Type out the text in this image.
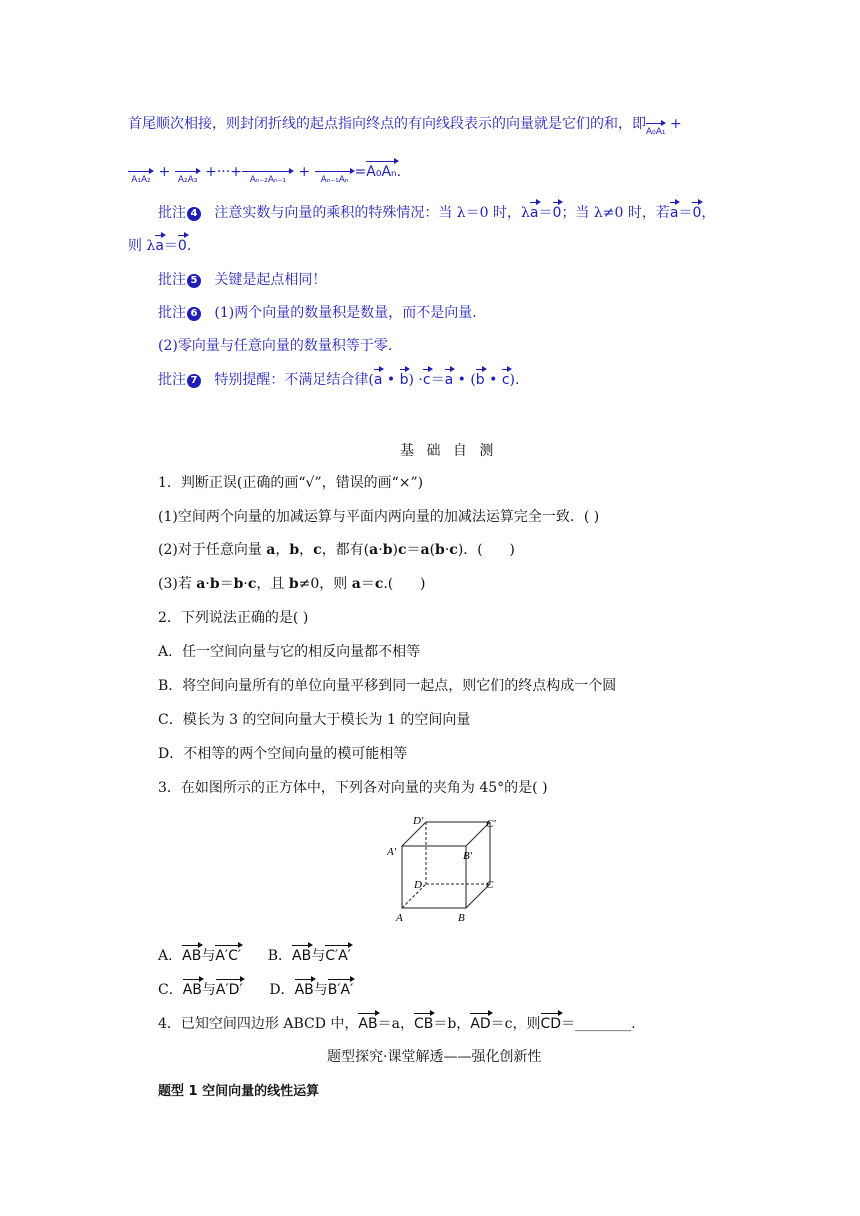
首尾顺次相接，则封闭折线的起点指向终点的有向线段表示的向量就是它们的和，即 A₀A₁ +
A₁A₂ + A₂A₃ +···+ Aₙ₋₂Aₙ₋₁ + Aₙ₋₁Aₙ =A₀Aₙ.
批注 4 注意实数与向量的乘积的特殊情况：当 λ＝0 时，λa＝0；当 λ≠0 时，若a＝0，
则 λa＝0.
批注 5 关键是起点相同！
批注 6 (1)两个向量的数量积是数量，而不是向量.
(2)零向量与任意向量的数量积等于零.
批注 7 特别提醒：不满足结合律(a • b) ·c＝a • (b • c).
基 础 自 测
1．判断正误(正确的画“√”，错误的画“×”)
(1)空间两个向量的加减运算与平面内两向量的加减法运算完全一致．( )
(2)对于任意向量 a，b，c，都有(a·b)c＝a(b·c)．(      )
(3)若 a·b＝b·c，且 b≠0，则 a＝c.(      )
2．下列说法正确的是( )
A．任一空间向量与它的相反向量都不相等
B．将空间向量所有的单位向量平移到同一起点，则它们的终点构成一个圆
C．模长为 3 的空间向量大于模长为 1 的空间向量
D．不相等的两个空间向量的模可能相等
3．在如图所示的正方体中，下列各对向量的夹角为 45°的是( )
D′	C′
A′	B′
D	C
A	B
A．AB与A′C′ B．AB与C′A′
C．AB与A′D′ D．AB与B′A′
4．已知空间四边形 ABCD 中，AB＝a，CB＝b，AD＝c，则CD＝________.
题型探究·课堂解透——强化创新性
题型 1 空间向量的线性运算
